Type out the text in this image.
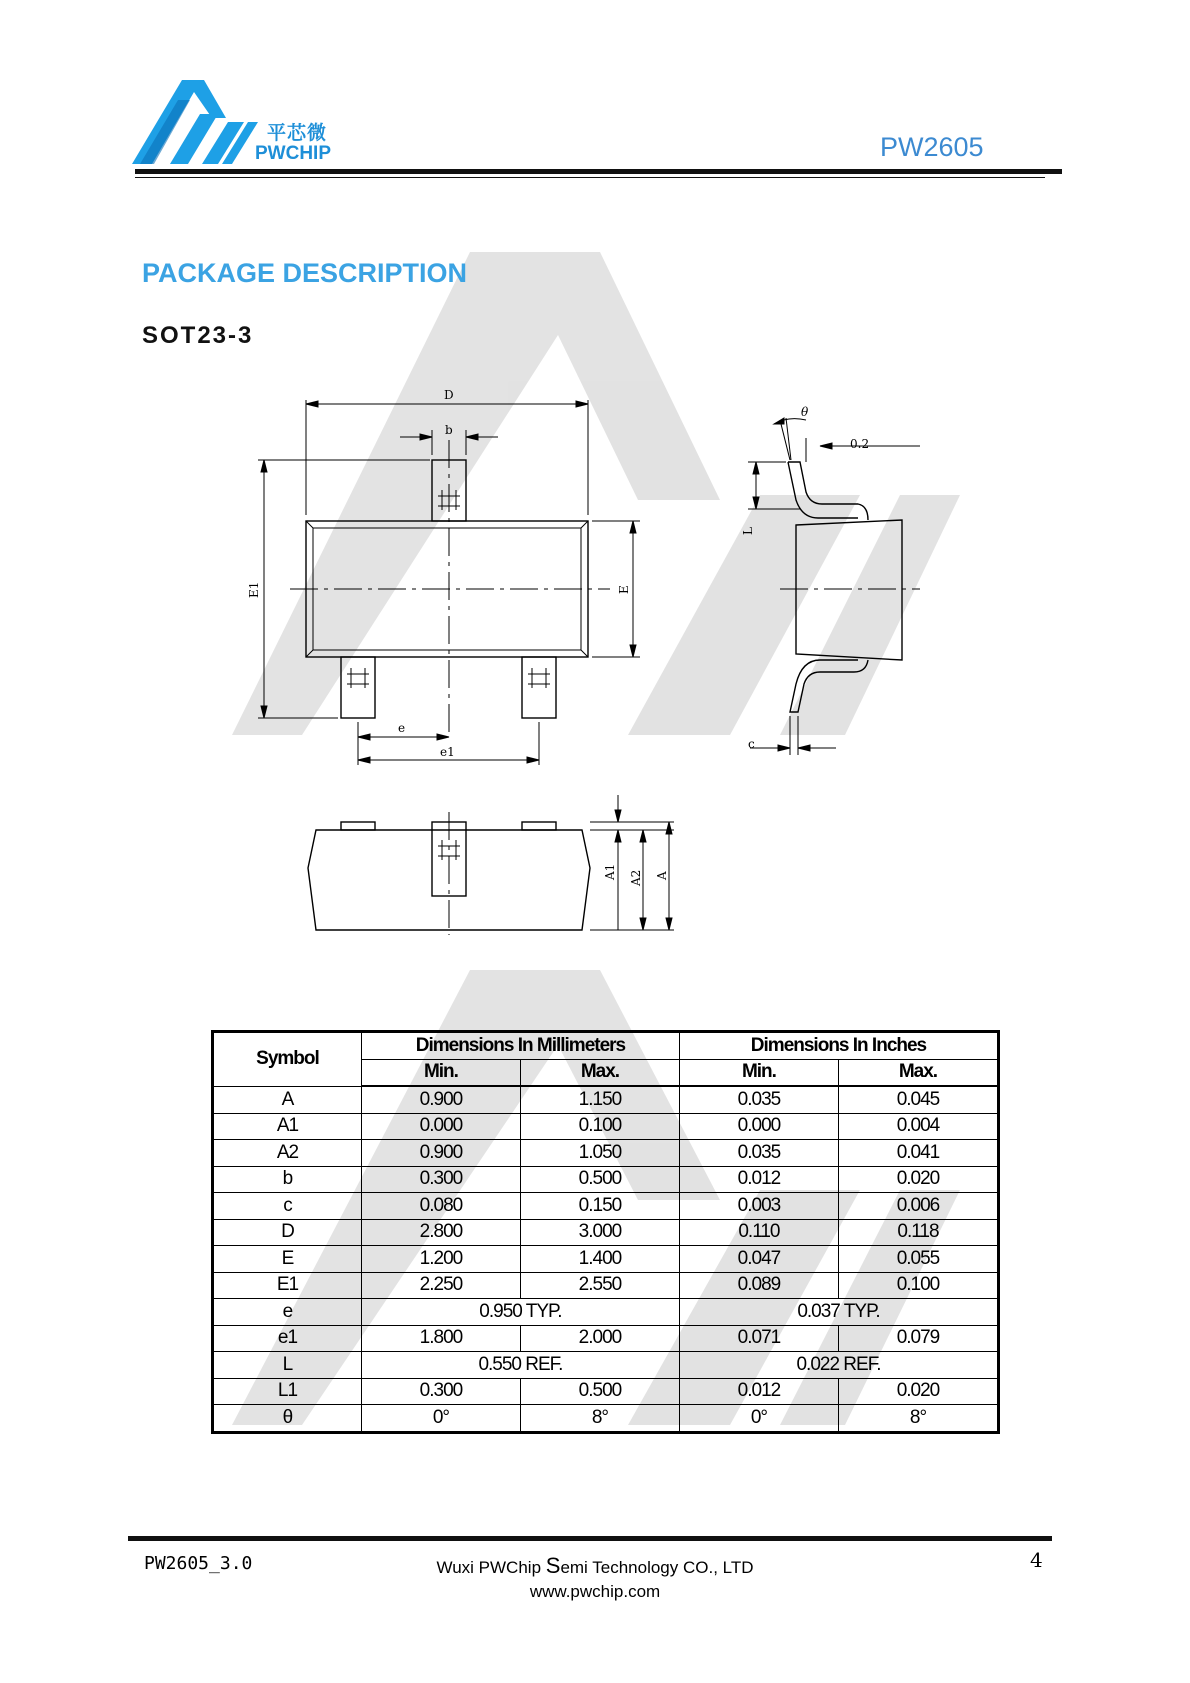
平芯微
PWCHIP	PW2605
PACKAGE DESCRIPTION
SOT23-3
D
b
E1	E
e
e1
θ
0.2
L
c
A1 A2 A
Symbol	Dimensions In Millimeters		Dimensions In Inches	
	Min.	Max.	Min.	Max.
A	0.900	1.150	0.035	0.045
A1	0.000	0.100	0.000	0.004
A2	0.900	1.050	0.035	0.041
b	0.300	0.500	0.012	0.020
c	0.080	0.150	0.003	0.006
D	2.800	3.000	0.110	0.118
E	1.200	1.400	0.047	0.055
E1	2.250	2.550	0.089	0.100
e	0.950 TYP.		0.037 TYP.	
e1	1.800	2.000	0.071	0.079
L	0.550 REF.		0.022 REF.	
L1	0.300	0.500	0.012	0.020
θ	0°	8°	0°	8°
PW2605_3.0	Wuxi PWChip Semi Technology CO., LTD
www.pwchip.com
4
